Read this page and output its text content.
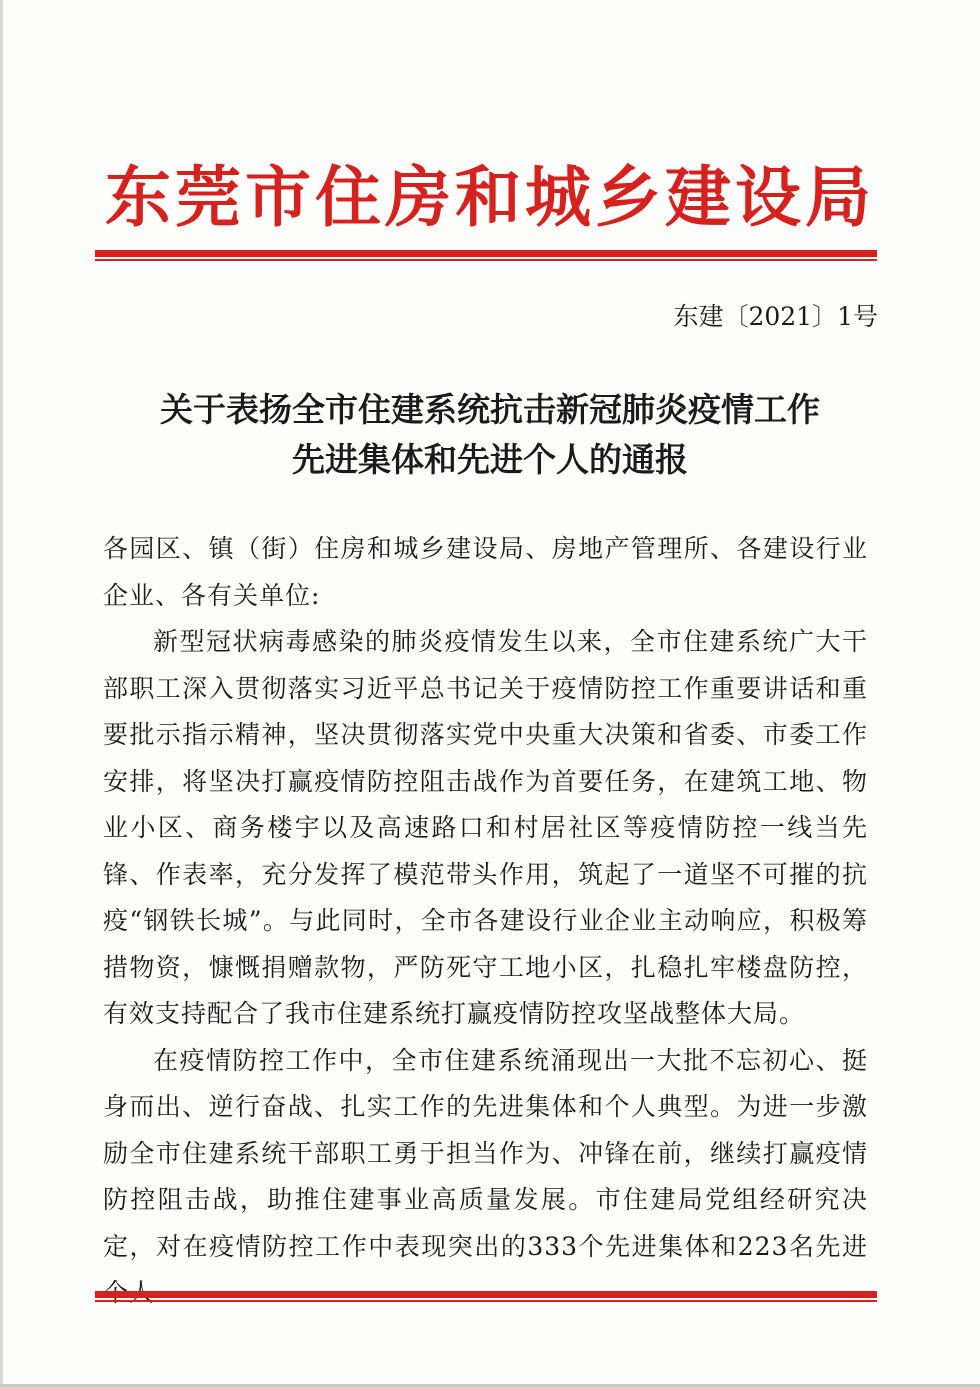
东莞市住房和城乡建设局
东建〔2021〕1号
关于表扬全市住建系统抗击新冠肺炎疫情工作
先进集体和先进个人的通报

各园区、镇（街）住房和城乡建设局、房地产管理所、各建设行业企业、各有关单位:

新型冠状病毒感染的肺炎疫情发生以来，全市住建系统广大干部职工深入贯彻落实习近平总书记关于疫情防控工作重要讲话和重要批示指示精神，坚决贯彻落实党中央重大决策和省委、市委工作安排，将坚决打赢疫情防控阻击战作为首要任务，在建筑工地、物业小区、商务楼宇以及高速路口和村居社区等疫情防控一线当先锋、作表率，充分发挥了模范带头作用，筑起了一道坚不可摧的抗疫“钢铁长城”。与此同时，全市各建设行业企业主动响应，积极筹措物资，慷慨捐赠款物，严防死守工地小区，扎稳扎牢楼盘防控，有效支持配合了我市住建系统打赢疫情防控攻坚战整体大局。

在疫情防控工作中，全市住建系统涌现出一大批不忘初心、挺身而出、逆行奋战、扎实工作的先进集体和个人典型。为进一步激励全市住建系统干部职工勇于担当作为、冲锋在前，继续打赢疫情防控阻击战，助推住建事业高质量发展。市住建局党组经研究决定，对在疫情防控工作中表现突出的333个先进集体和223名先进
